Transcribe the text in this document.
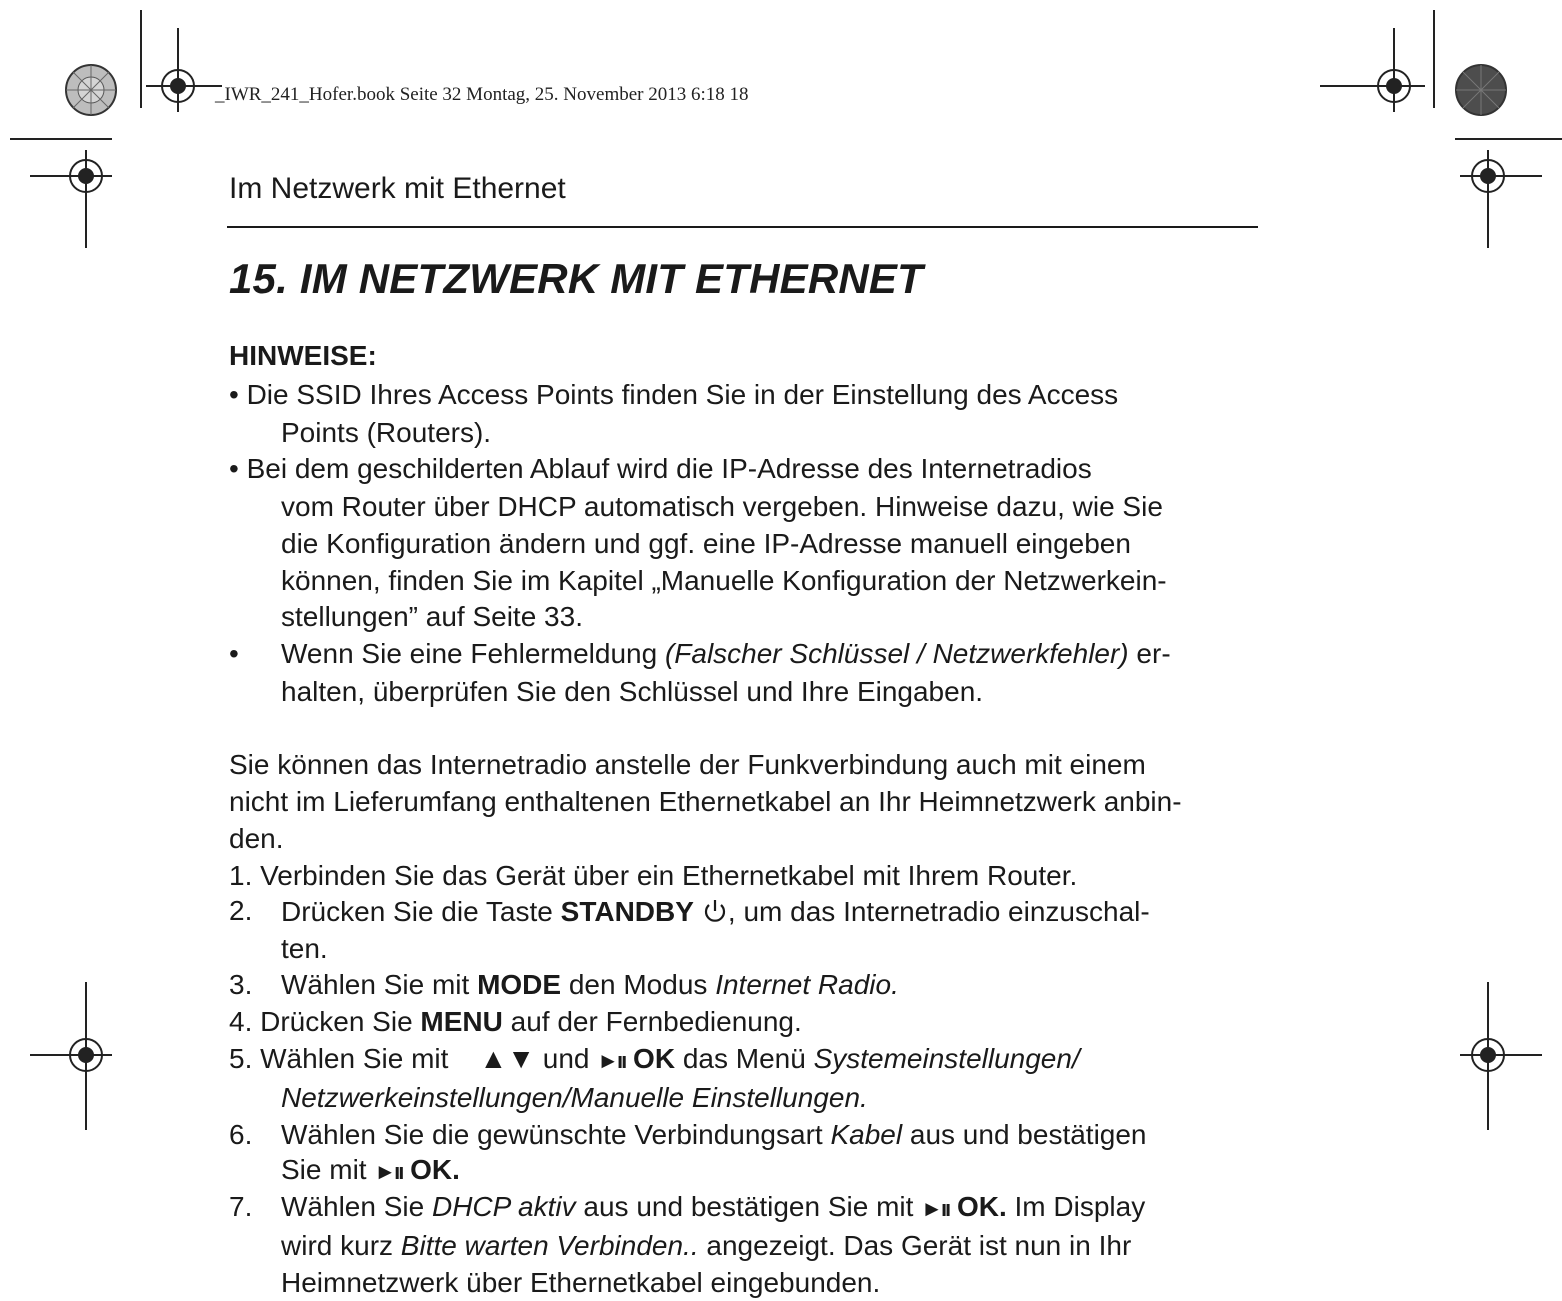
_IWR_241_Hofer.book Seite 32 Montag, 25. November 2013 6:18 18
Im Netzwerk mit Ethernet
15. IM NETZWERK MIT ETHERNET
HINWEISE:
• Die SSID Ihres Access Points finden Sie in der Einstellung des Access
Points (Routers).
• Bei dem geschilderten Ablauf wird die IP-Adresse des Internetradios
vom Router über DHCP automatisch vergeben. Hinweise dazu, wie Sie
die Konfiguration ändern und ggf. eine IP-Adresse manuell eingeben
können, finden Sie im Kapitel „Manuelle Konfiguration der Netzwerkein-
stellungen” auf Seite 33.
• Wenn Sie eine Fehlermeldung (Falscher Schlüssel / Netzwerkfehler) er-
halten, überprüfen Sie den Schlüssel und Ihre Eingaben.
Sie können das Internetradio anstelle der Funkverbindung auch mit einem
nicht im Lieferumfang enthaltenen Ethernetkabel an Ihr Heimnetzwerk anbin-
den.
1. Verbinden Sie das Gerät über ein Ethernetkabel mit Ihrem Router.
2. Drücken Sie die Taste STANDBY , um das Internetradio einzuschal-
ten.
3. Wählen Sie mit MODE den Modus Internet Radio.
4. Drücken Sie MENU auf der Fernbedienung.
5. Wählen Sie mit    ▲▼ und ►ıı OK das Menü Systemeinstellungen/
Netzwerkeinstellungen/Manuelle Einstellungen.
6. Wählen Sie die gewünschte Verbindungsart Kabel aus und bestätigen
Sie mit ►ıı OK.
7. Wählen Sie DHCP aktiv aus und bestätigen Sie mit ►ıı OK. Im Display
wird kurz Bitte warten Verbinden.. angezeigt. Das Gerät ist nun in Ihr
Heimnetzwerk über Ethernetkabel eingebunden.
